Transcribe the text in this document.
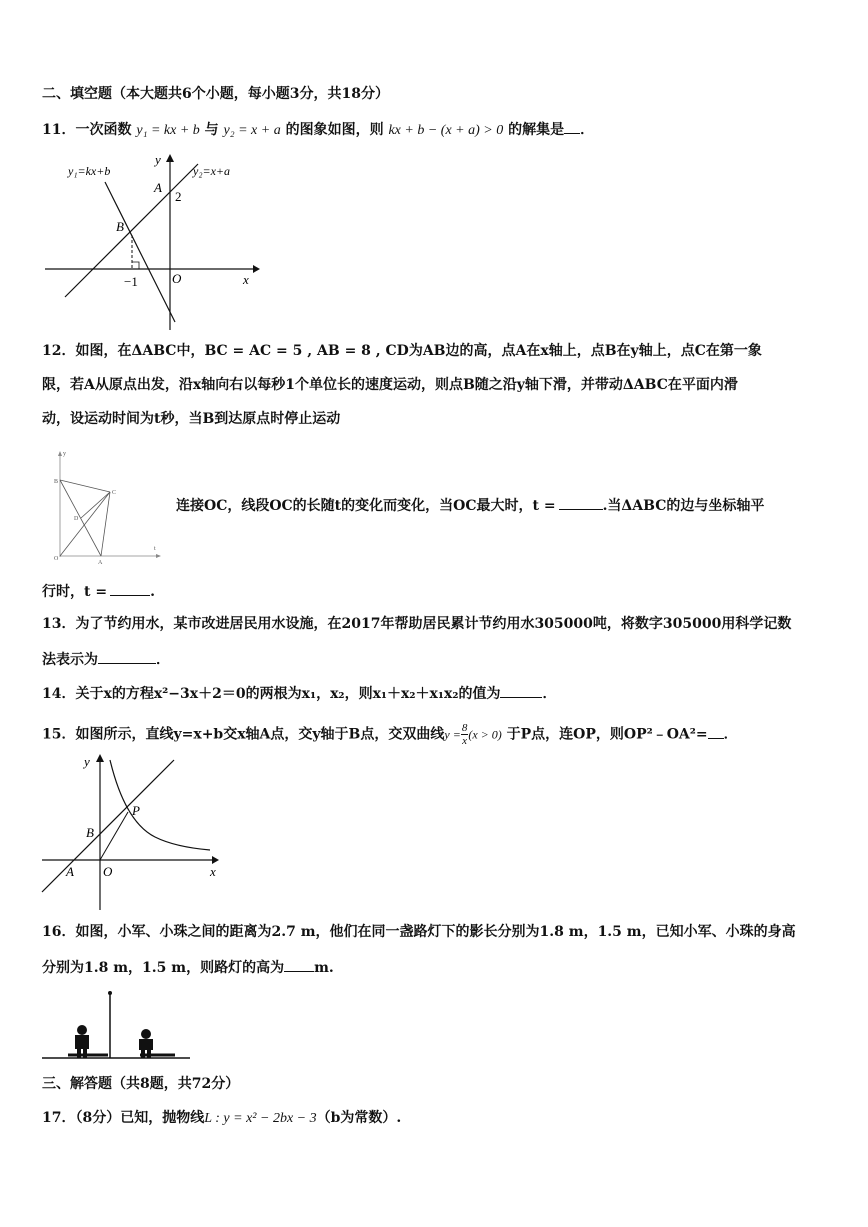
二、填空题（本大题共6个小题，每小题3分，共18分）
11．一次函数 y₁ = kx + b 与 y₂ = x + a 的图象如图，则 kx + b − (x + a) > 0 的解集是 ．
y₁=kx+b	y₂=x+a
y
A
2
B
−1	O	x
12．如图，在ΔABC中，BC = AC = 5 , AB = 8 , CD为AB边的高，点A在x轴上，点B在y轴上，点C在第一象
限，若A从原点出发，沿x轴向右以每秒1个单位长的速度运动，则点B随之沿y轴下滑，并带动ΔABC在平面内滑
动，设运动时间为t秒，当B到达原点时停止运动
y
B
C
D
O
A
t
连接OC，线段OC的长随t的变化而变化，当OC最大时，t =	.当ΔABC的边与坐标轴平
行时，t =	.
13．为了节约用水，某市改进居民用水设施，在2017年帮助居民累计节约用水305000吨，将数字305000用科学记数
法表示为	．
14．关于x的方程x²−3x＋2＝0的两根为x₁，x₂，则x₁＋x₂＋x₁x₂的值为	．
15．如图所示，直线y=x+b交x轴A点，交y轴于B点，交双曲线$y = \frac{8}{x} (x > 0)$ 于P点，连OP，则OP²﹣OA²= ．
y
P
B
A O	x
16．如图，小军、小珠之间的距离为2.7 m，他们在同一盏路灯下的影长分别为1.8 m，1.5 m，已知小军、小珠的身高
分别为1.8 m，1.5 m，则路灯的高为 m.
三、解答题（共8题，共72分）
17．（8分）已知，抛物线L : y = x² − 2bx − 3（b为常数）.
